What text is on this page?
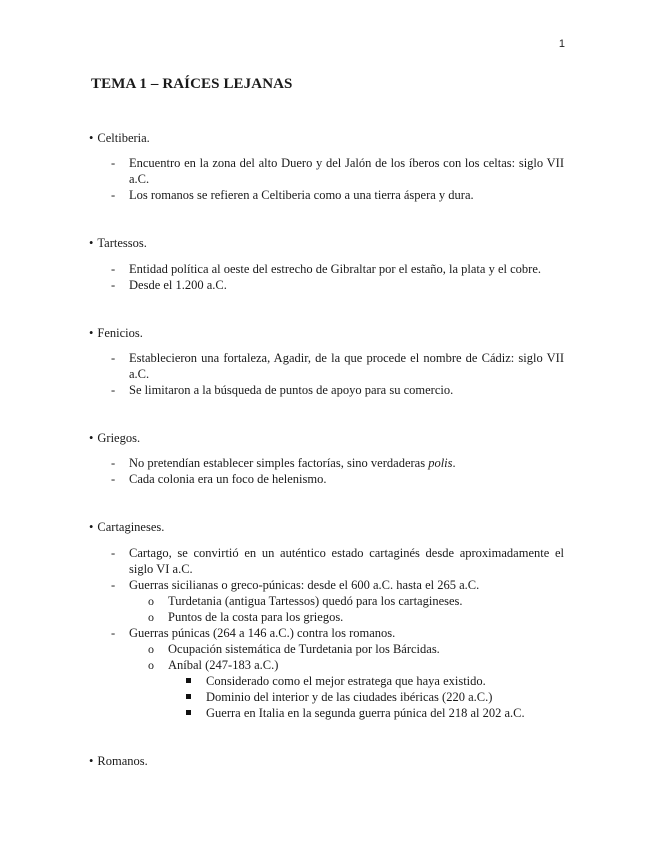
1
TEMA 1 – RAÍCES LEJANAS
• Celtiberia.
- Encuentro en la zona del alto Duero y del Jalón de los íberos con los celtas: siglo VII a.C.
- Los romanos se refieren a Celtiberia como a una tierra áspera y dura.
• Tartessos.
- Entidad política al oeste del estrecho de Gibraltar por el estaño, la plata y el cobre.
- Desde el 1.200 a.C.
• Fenicios.
- Establecieron una fortaleza, Agadir, de la que procede el nombre de Cádiz: siglo VII a.C.
- Se limitaron a la búsqueda de puntos de apoyo para su comercio.
• Griegos.
- No pretendían establecer simples factorías, sino verdaderas polis.
- Cada colonia era un foco de helenismo.
• Cartagineses.
- Cartago, se convirtió en un auténtico estado cartaginés desde aproximadamente el siglo VI a.C.
- Guerras sicilianas o greco-púnicas: desde el 600 a.C. hasta el 265 a.C.
o Turdetania (antigua Tartessos) quedó para los cartagineses.
o Puntos de la costa para los griegos.
- Guerras púnicas (264 a 146 a.C.) contra los romanos.
o Ocupación sistemática de Turdetania por los Bárcidas.
o Aníbal (247-183 a.C.)
Considerado como el mejor estratega que haya existido.
Dominio del interior y de las ciudades ibéricas (220 a.C.)
Guerra en Italia en la segunda guerra púnica del 218 al 202 a.C.
• Romanos.
